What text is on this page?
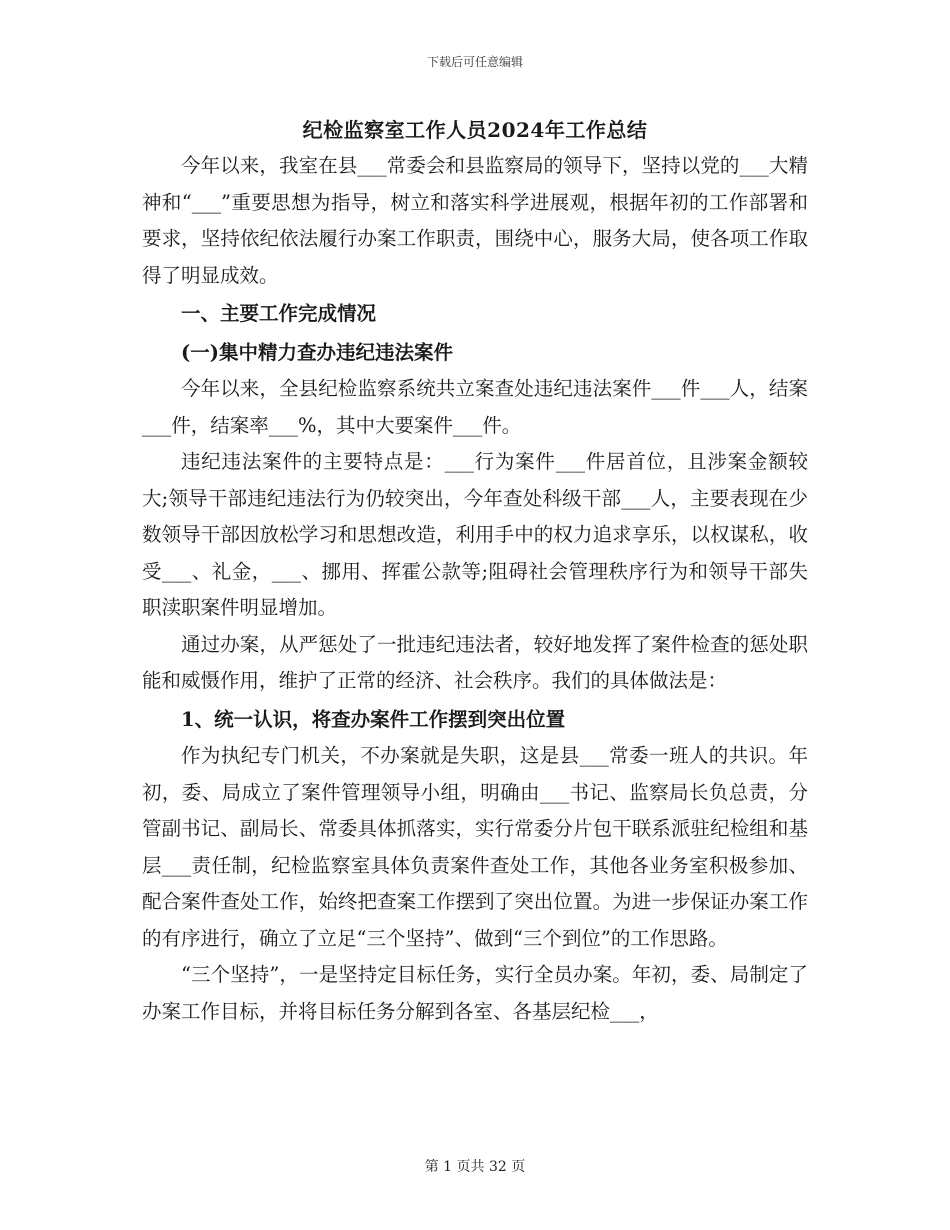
下载后可任意编辑
纪检监察室工作人员2024年工作总结

今年以来，我室在县___常委会和县监察局的领导下，坚持以党的___大精神和“___”重要思想为指导，树立和落实科学进展观，根据年初的工作部署和要求，坚持依纪依法履行办案工作职责，围绕中心，服务大局，使各项工作取得了明显成效。

一、主要工作完成情况

(一)集中精力查办违纪违法案件

今年以来，全县纪检监察系统共立案查处违纪违法案件___件___人，结案___件，结案率___%，其中大要案件___件。

违纪违法案件的主要特点是：___行为案件___件居首位，且涉案金额较大;领导干部违纪违法行为仍较突出，今年查处科级干部___人，主要表现在少数领导干部因放松学习和思想改造，利用手中的权力追求享乐，以权谋私，收受___、礼金，___、挪用、挥霍公款等;阻碍社会管理秩序行为和领导干部失职渎职案件明显增加。

通过办案，从严惩处了一批违纪违法者，较好地发挥了案件检查的惩处职能和威慑作用，维护了正常的经济、社会秩序。我们的具体做法是：

1、统一认识，将查办案件工作摆到突出位置

作为执纪专门机关，不办案就是失职，这是县___常委一班人的共识。年初，委、局成立了案件管理领导小组，明确由___书记、监察局长负总责，分管副书记、副局长、常委具体抓落实，实行常委分片包干联系派驻纪检组和基层___责任制，纪检监察室具体负责案件查处工作，其他各业务室积极参加、配合案件查处工作，始终把查案工作摆到了突出位置。为进一步保证办案工作的有序进行，确立了立足“三个坚持”、做到“三个到位”的工作思路。

“三个坚持”，一是坚持定目标任务，实行全员办案。年初，委、局制定了办案工作目标，并将目标任务分解到各室、各基层纪检___，

第 1 页共 32 页
